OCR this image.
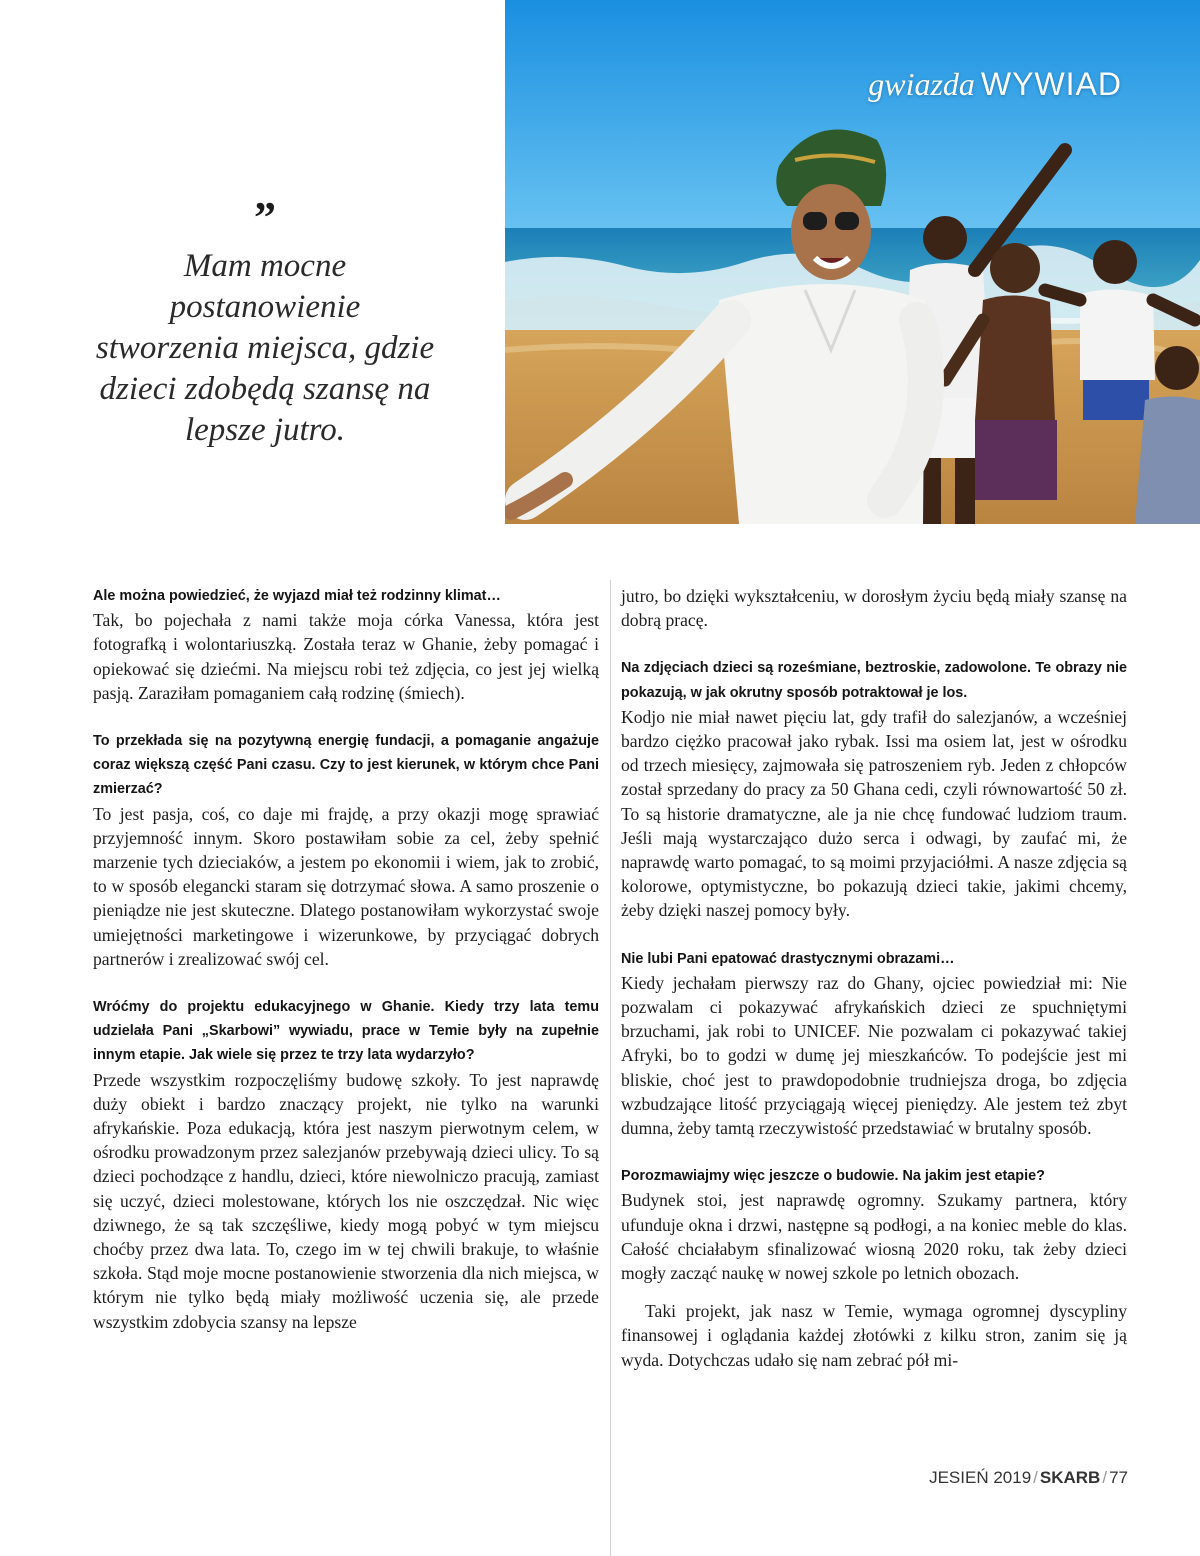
gwiazda WYWIAD
”
Mam mocne postanowienie stworzenia miejsca, gdzie dzieci zdobędą szansę na lepsze jutro.

Ale można powiedzieć, że wyjazd miał też rodzinny klimat…

Tak, bo pojechała z nami także moja córka Vanessa, która jest fotografką i wolontariuszką. Została teraz w Ghanie, żeby pomagać i opiekować się dziećmi. Na miejscu robi też zdjęcia, co jest jej wielką pasją. Zaraziłam pomaganiem całą rodzinę (śmiech).

To przekłada się na pozytywną energię fundacji, a pomaganie angażuje coraz większą część Pani czasu. Czy to jest kierunek, w którym chce Pani zmierzać?

To jest pasja, coś, co daje mi frajdę, a przy okazji mogę sprawiać przyjemność innym. Skoro postawiłam sobie za cel, żeby spełnić marzenie tych dzieciaków, a jestem po ekonomii i wiem, jak to zrobić, to w sposób elegancki staram się dotrzymać słowa. A samo proszenie o pieniądze nie jest skuteczne. Dlatego postanowiłam wykorzystać swoje umiejętności marketingowe i wizerunkowe, by przyciągać dobrych partnerów i zrealizować swój cel.

Wróćmy do projektu edukacyjnego w Ghanie. Kiedy trzy lata temu udzielała Pani „Skarbowi” wywiadu, prace w Temie były na zupełnie innym etapie. Jak wiele się przez te trzy lata wydarzyło?

Przede wszystkim rozpoczęliśmy budowę szkoły. To jest naprawdę duży obiekt i bardzo znaczący projekt, nie tylko na warunki afrykańskie. Poza edukacją, która jest naszym pierwotnym celem, w ośrodku prowadzonym przez salezjanów przebywają dzieci ulicy. To są dzieci pochodzące z handlu, dzieci, które niewolniczo pracują, zamiast się uczyć, dzieci molestowane, których los nie oszczędzał. Nic więc dziwnego, że są tak szczęśliwe, kiedy mogą pobyć w tym miejscu choćby przez dwa lata. To, czego im w tej chwili brakuje, to właśnie szkoła. Stąd moje mocne postanowienie stworzenia dla nich miejsca, w którym nie tylko będą miały możliwość uczenia się, ale przede wszystkim zdobycia szansy na lepsze

jutro, bo dzięki wykształceniu, w dorosłym życiu będą miały szansę na dobrą pracę.

Na zdjęciach dzieci są roześmiane, beztroskie, zadowolone. Te obrazy nie pokazują, w jak okrutny sposób potraktował je los.

Kodjo nie miał nawet pięciu lat, gdy trafił do salezjanów, a wcześniej bardzo ciężko pracował jako rybak. Issi ma osiem lat, jest w ośrodku od trzech miesięcy, zajmowała się patroszeniem ryb. Jeden z chłopców został sprzedany do pracy za 50 Ghana cedi, czyli równowartość 50 zł. To są historie dramatyczne, ale ja nie chcę fundować ludziom traum. Jeśli mają wystarczająco dużo serca i odwagi, by zaufać mi, że naprawdę warto pomagać, to są moimi przyjaciółmi. A nasze zdjęcia są kolorowe, optymistyczne, bo pokazują dzieci takie, jakimi chcemy, żeby dzięki naszej pomocy były.

Nie lubi Pani epatować drastycznymi obrazami…

Kiedy jechałam pierwszy raz do Ghany, ojciec powiedział mi: Nie pozwalam ci pokazywać afrykańskich dzieci ze spuchniętymi brzuchami, jak robi to UNICEF. Nie pozwalam ci pokazywać takiej Afryki, bo to godzi w dumę jej mieszkańców. To podejście jest mi bliskie, choć jest to prawdopodobnie trudniejsza droga, bo zdjęcia wzbudzające litość przyciągają więcej pieniędzy. Ale jestem też zbyt dumna, żeby tamtą rzeczywistość przedstawiać w brutalny sposób.

Porozmawiajmy więc jeszcze o budowie. Na jakim jest etapie?

Budynek stoi, jest naprawdę ogromny. Szukamy partnera, który ufunduje okna i drzwi, następne są podłogi, a na koniec meble do klas. Całość chciałabym sfinalizować wiosną 2020 roku, tak żeby dzieci mogły zacząć naukę w nowej szkole po letnich obozach.

Taki projekt, jak nasz w Temie, wymaga ogromnej dyscypliny finansowej i oglądania każdej złotówki z kilku stron, zanim się ją wyda. Dotychczas udało się nam zebrać pół mi-

JESIEŃ 2019 / SKARB / 77
